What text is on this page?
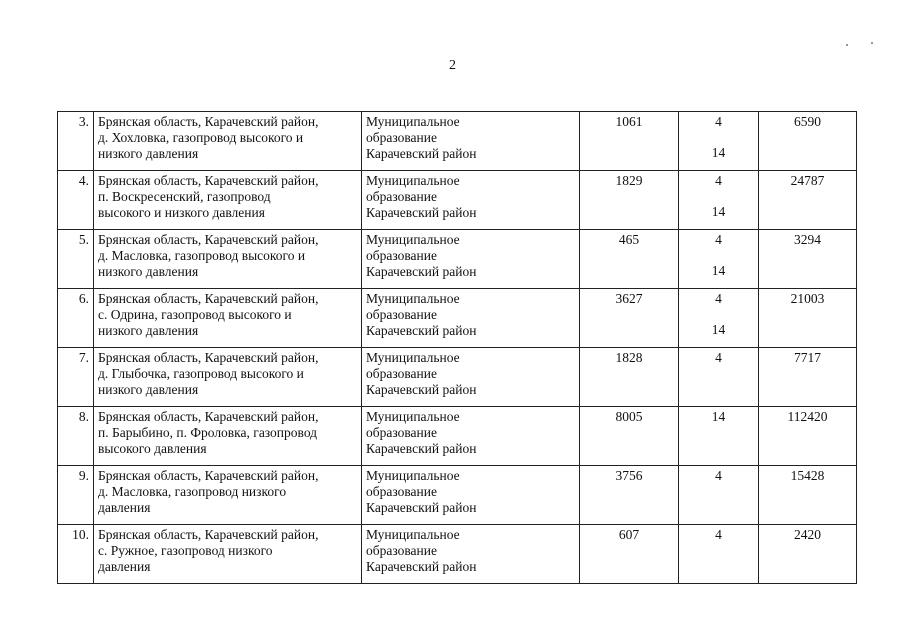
2
3.	Брянская область, Карачевский район,
д. Хохловка, газопровод высокого и
низкого давления	Муниципальное
образование
Карачевский район	1061	4
14	6590

4.	Брянская область, Карачевский район,
п. Воскресенский, газопровод
высокого и низкого давления	Муниципальное
образование
Карачевский район	1829	4
14	24787

5.	Брянская область, Карачевский район,
д. Масловка, газопровод высокого и
низкого давления	Муниципальное
образование
Карачевский район	465	4
14	3294

6.	Брянская область, Карачевский район,
с. Одрина, газопровод высокого и
низкого давления	Муниципальное
образование
Карачевский район	3627	4
14	21003

7.	Брянская область, Карачевский район,
д. Глыбочка, газопровод высокого и
низкого давления	Муниципальное
образование
Карачевский район	1828	4	7717

8.	Брянская область, Карачевский район,
п. Барыбино, п. Фроловка, газопровод
высокого давления	Муниципальное
образование
Карачевский район	8005	14	112420

9.	Брянская область, Карачевский район,
д. Масловка, газопровод низкого
давления	Муниципальное
образование
Карачевский район	3756	4	15428

10.	Брянская область, Карачевский район,
с. Ружное, газопровод низкого
давления	Муниципальное
образование
Карачевский район	607	4	2420
